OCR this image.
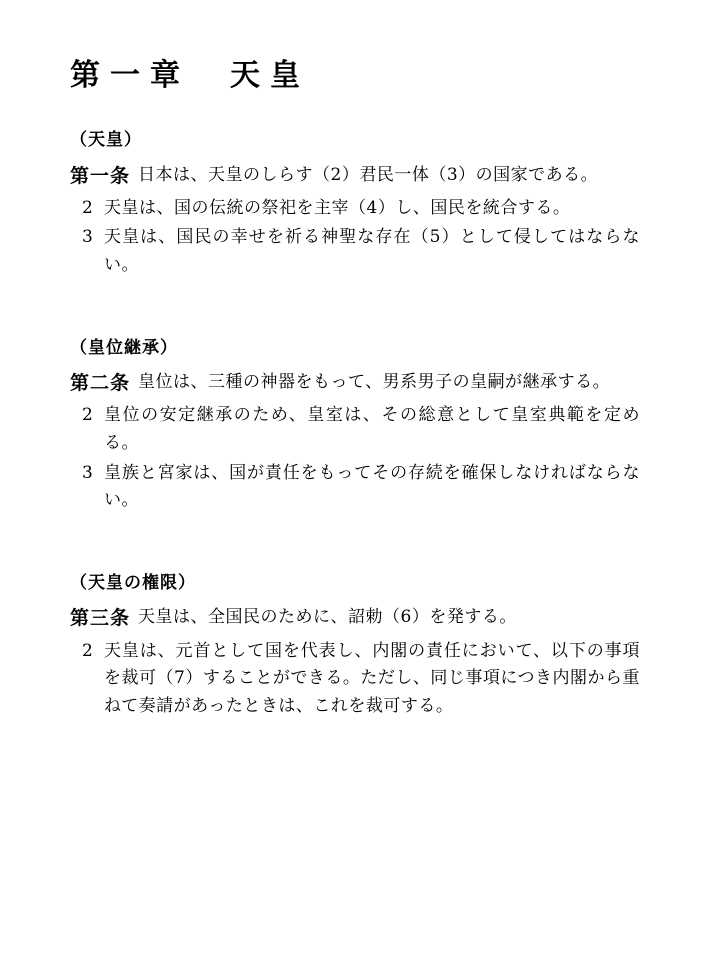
第一章　天皇
（天皇）
第一条 日本は、天皇のしらす（2）君民一体（3）の国家である。
2 天皇は、国の伝統の祭祀を主宰（4）し、国民を統合する。
3 天皇は、国民の幸せを祈る神聖な存在（5）として侵してはならない。
（皇位継承）
第二条 皇位は、三種の神器をもって、男系男子の皇嗣が継承する。
2 皇位の安定継承のため、皇室は、その総意として皇室典範を定める。
3 皇族と宮家は、国が責任をもってその存続を確保しなければならない。
（天皇の権限）
第三条 天皇は、全国民のために、詔勅（6）を発する。
2 天皇は、元首として国を代表し、内閣の責任において、以下の事項を裁可（7）することができる。ただし、同じ事項につき内閣から重ねて奏請があったときは、これを裁可する。
